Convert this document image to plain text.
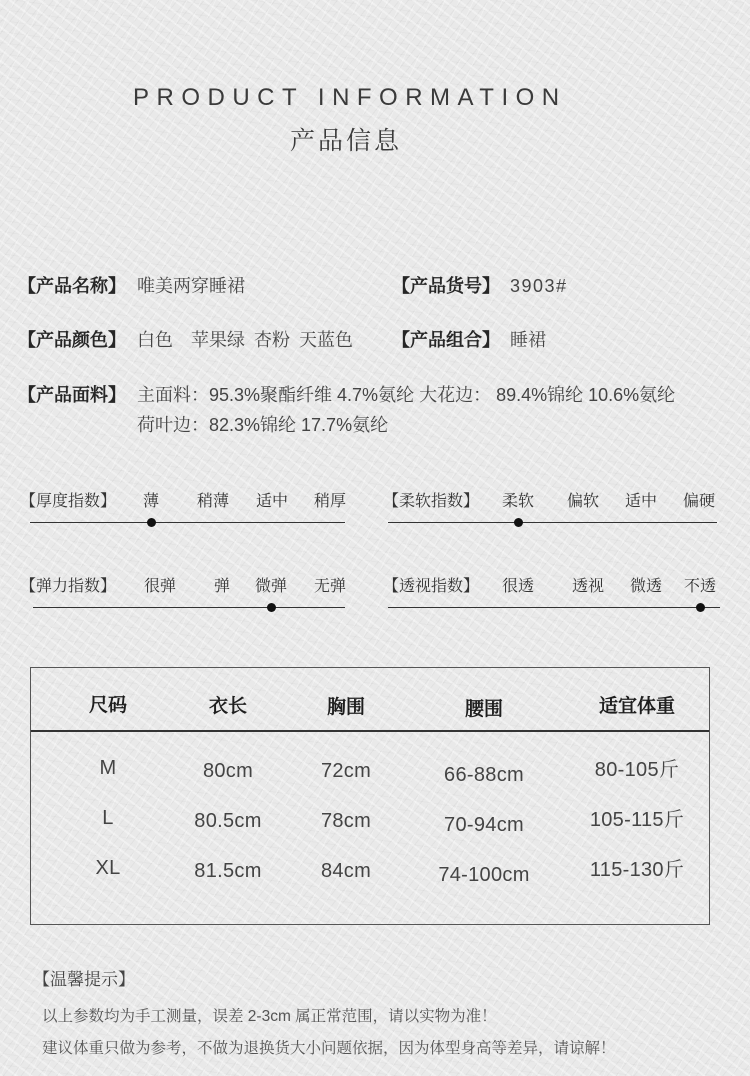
PRODUCT INFORMATION
产品信息
【产品名称】 唯美两穿睡裙	【产品货号】 3903#
【产品颜色】 白色  苹果绿 杏粉 天蓝色 【产品组合】 睡裙
【产品面料】 主面料：95.3%聚酯纤维 4.7%氨纶 大花边： 89.4%锦纶 10.6%氨纶
荷叶边：82.3%锦纶 17.7%氨纶
【厚度指数】 薄 稍薄 适中 稍厚 【柔软指数】 柔软 偏软 适中 偏硬
【弹力指数】 很弹 弹 微弹 无弹 【透视指数】 很透 透视 微透 不透
尺码	衣长	胸围	腰围	适宜体重
M	80cm	72cm	66-88cm	80-105斤
L	80.5cm	78cm	70-94cm	105-115斤
XL	81.5cm	84cm	74-100cm	115-130斤
【温馨提示】
以上参数均为手工测量，误差 2-3cm 属正常范围，请以实物为准！
建议体重只做为参考，不做为退换货大小问题依据，因为体型身高等差异，请谅解！
